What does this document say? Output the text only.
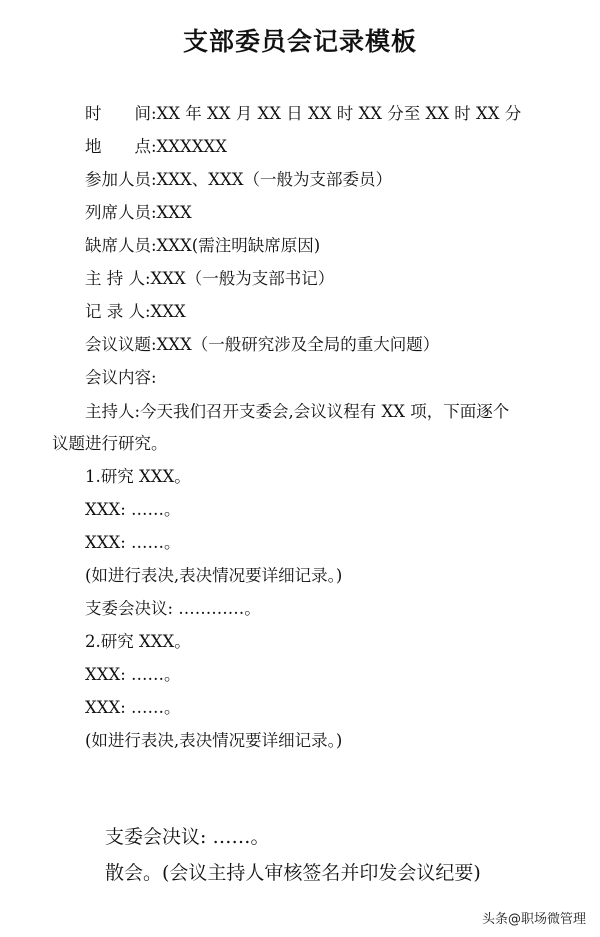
支部委员会记录模板
时　　间:XX 年 XX 月 XX 日 XX 时 XX 分至 XX 时 XX 分
地　　点:XXXXXX
参加人员:XXX、XXX（一般为支部委员）
列席人员:XXX
缺席人员:XXX(需注明缺席原因)
主 持 人:XXX（一般为支部书记）
记 录 人:XXX
会议议题:XXX（一般研究涉及全局的重大问题）
会议内容:
主持人:今天我们召开支委会,会议议程有 XX 项，下面逐个
议题进行研究。
1.研究 XXX。
XXX: ……。
XXX: ……。
(如进行表决,表决情况要详细记录。)
支委会决议: …………。
2.研究 XXX。
XXX: ……。
XXX: ……。
(如进行表决,表决情况要详细记录。)
支委会决议: ……。
散会。(会议主持人审核签名并印发会议纪要)
头条@职场微管理
